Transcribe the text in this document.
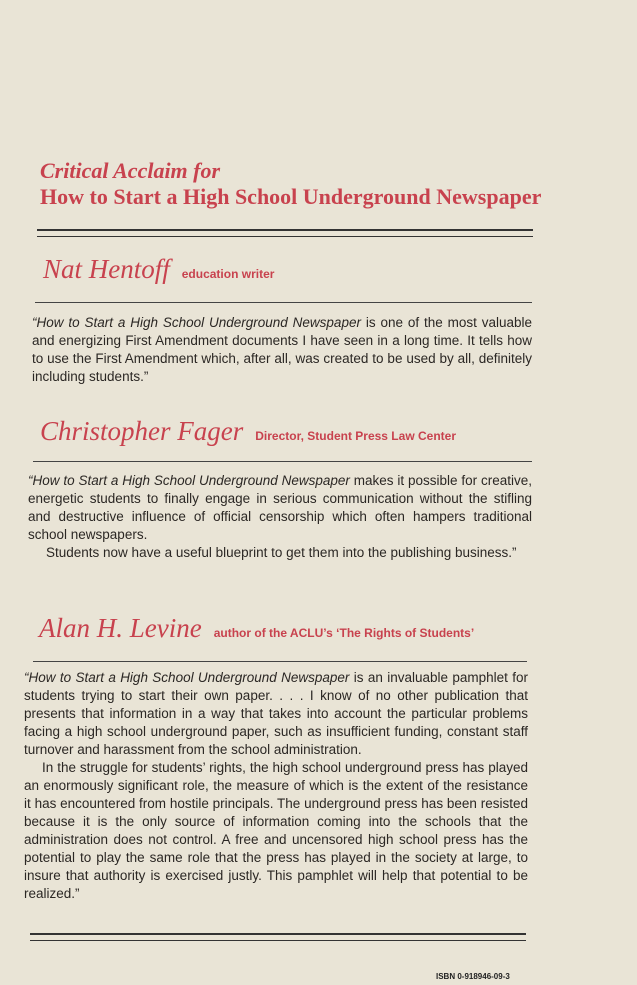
Critical Acclaim for
How to Start a High School Underground Newspaper
Nat Hentoff education writer

“How to Start a High School Underground Newspaper is one of the most valuable and energizing First Amendment documents I have seen in a long time. It tells how to use the First Amendment which, after all, was created to be used by all, definitely including students.”

Christopher Fager Director, Student Press Law Center

“How to Start a High School Underground Newspaper makes it possible for creative, energetic students to finally engage in serious communication without the stifling and destructive influence of official censorship which often hampers traditional school newspapers.

Students now have a useful blueprint to get them into the publishing business.”

Alan H. Levine author of the ACLU’s ‘The Rights of Students’

“How to Start a High School Underground Newspaper is an invaluable pamphlet for students trying to start their own paper. . . . I know of no other publication that presents that information in a way that takes into account the particular problems facing a high school underground paper, such as insufficient funding, constant staff turnover and harassment from the school administration.

In the struggle for students’ rights, the high school underground press has played an enormously significant role, the measure of which is the extent of the resistance it has encountered from hostile principals. The underground press has been resisted because it is the only source of information coming into the schools that the administration does not control. A free and uncensored high school press has the potential to play the same role that the press has played in the society at large, to insure that authority is exercised justly. This pamphlet will help that potential to be realized.”

ISBN 0-918946-09-3
